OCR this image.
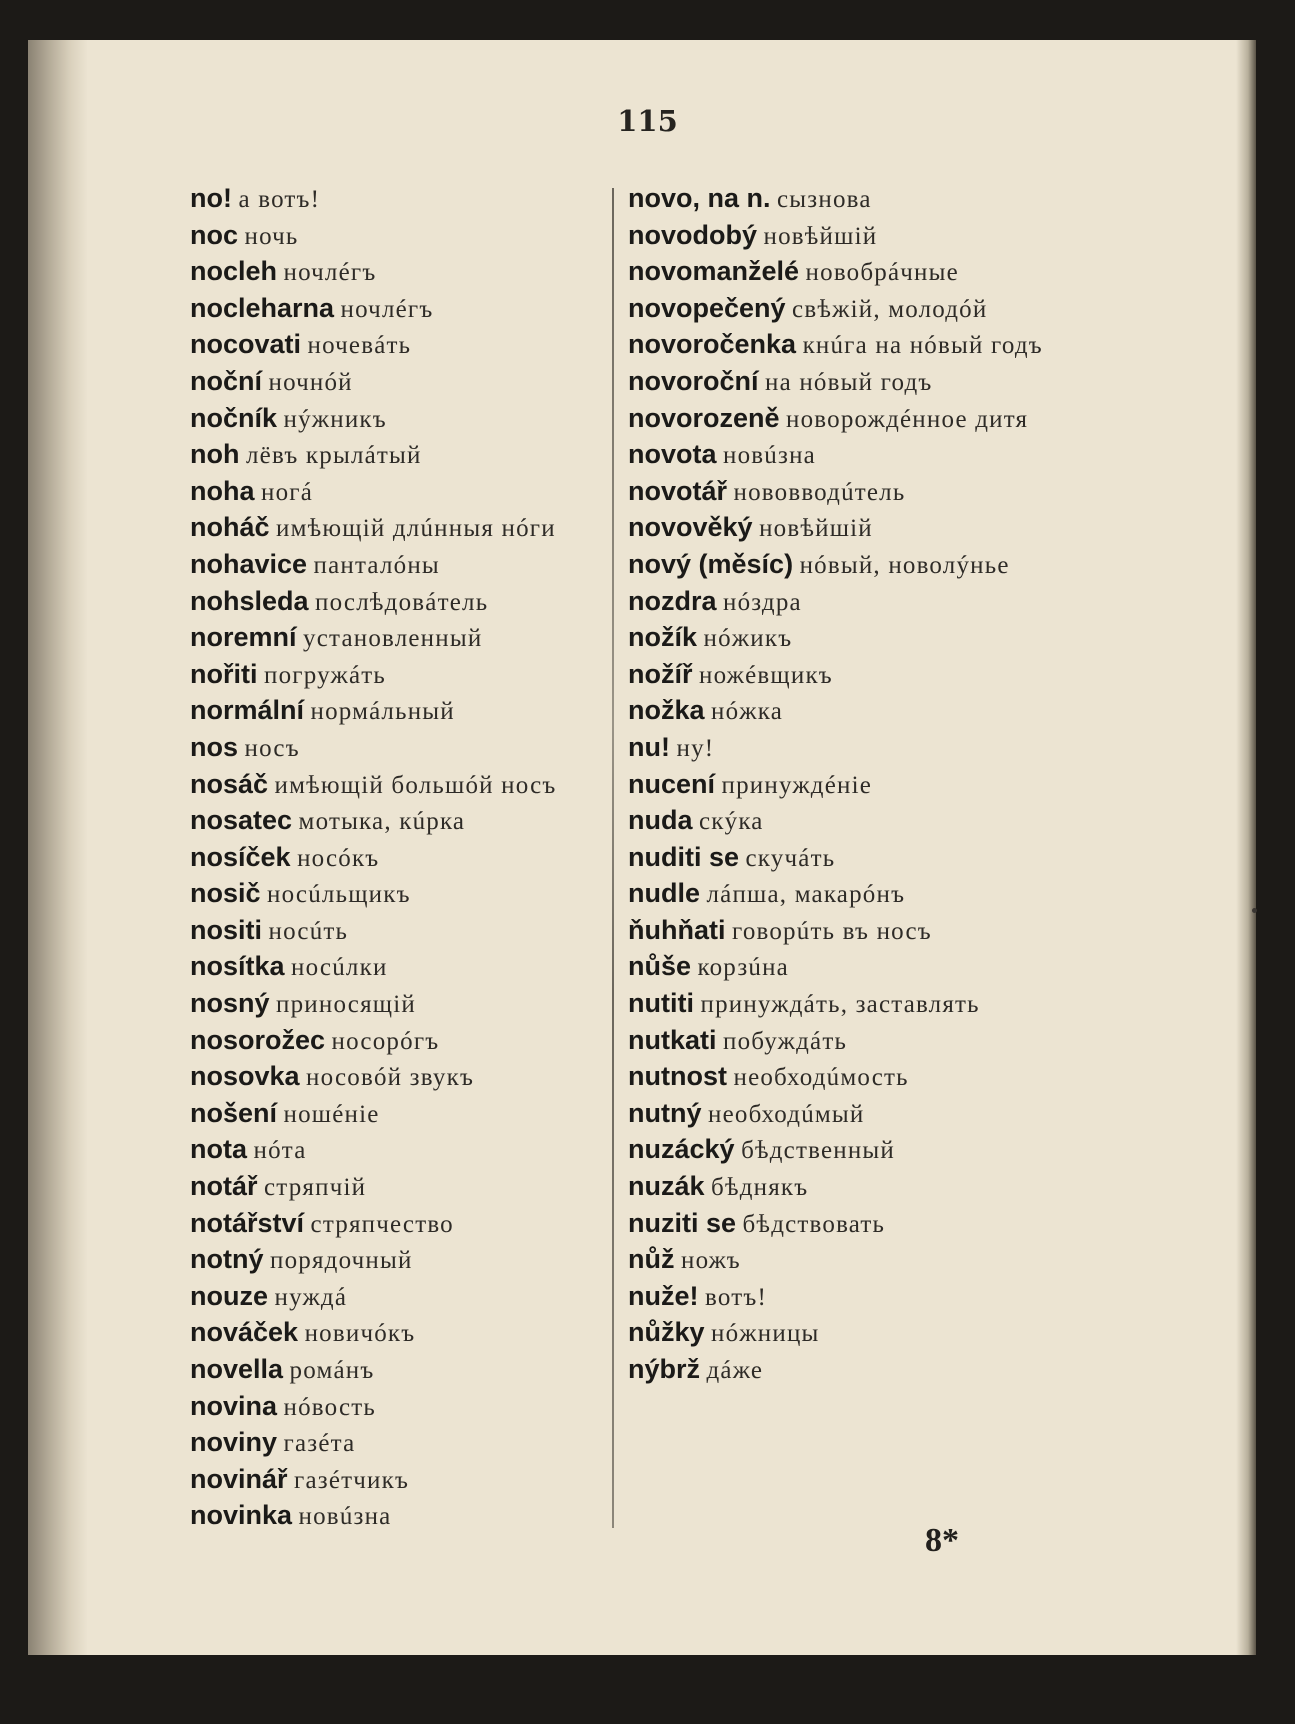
115
no! а вотъ!
noc ночь
nocleh ночлéгъ
nocleharna ночлéгъ
nocovati ночевáть
noční ночнóй
nočník нýжникъ
noh лёвъ крылáтый
noha ногá
noháč имѣющій длúнныя нóги
nohavice панталóны
nohsleda послѣдовáтель
noremní установленный
nořiti погружáть
normální нормáльный
nos носъ
nosáč имѣющій большóй носъ
nosatec мотыка, кúрка
nosíček носóкъ
nosič носúльщикъ
nositi носúть
nosítka носúлки
nosný приносящій
nosorožec носорóгъ
nosovka носовóй звукъ
nošení ношéніе
nota нóта
notář стряпчій
notářství стряпчество
notný порядочный
nouze нуждá
nováček новичóкъ
novella ромáнъ
novina нóвость
noviny газéта
novinář газéтчикъ
novinka новúзна
novo, na n. сызнова
novodobý новѣйшій
novomanželé новобрáчные
novopečený свѣжій, молодóй
novoročenka кнúга на нóвый годъ
novoroční на нóвый годъ
novorozeně новорождéнное дитя
novota новúзна
novotář нововводúтель
novověký новѣйшій
nový (měsíc) нóвый, новолýнье
nozdra нóздра
nožík нóжикъ
nožíř ножéвщикъ
nožka нóжка
nu! ну!
nucení принуждéніе
nuda скýка
nuditi se скучáть
nudle лáпша, макарóнъ
ňuhňati говорúть въ носъ
nůše корзúна
nutiti принуждáть, заставлять
nutkati побуждáть
nutnost необходúмость
nutný необходúмый
nuzácký бѣдственный
nuzák бѣднякъ
nuziti se бѣдствовать
nůž ножъ
nuže! вотъ!
nůžky нóжницы
nýbrž дáже
8*
